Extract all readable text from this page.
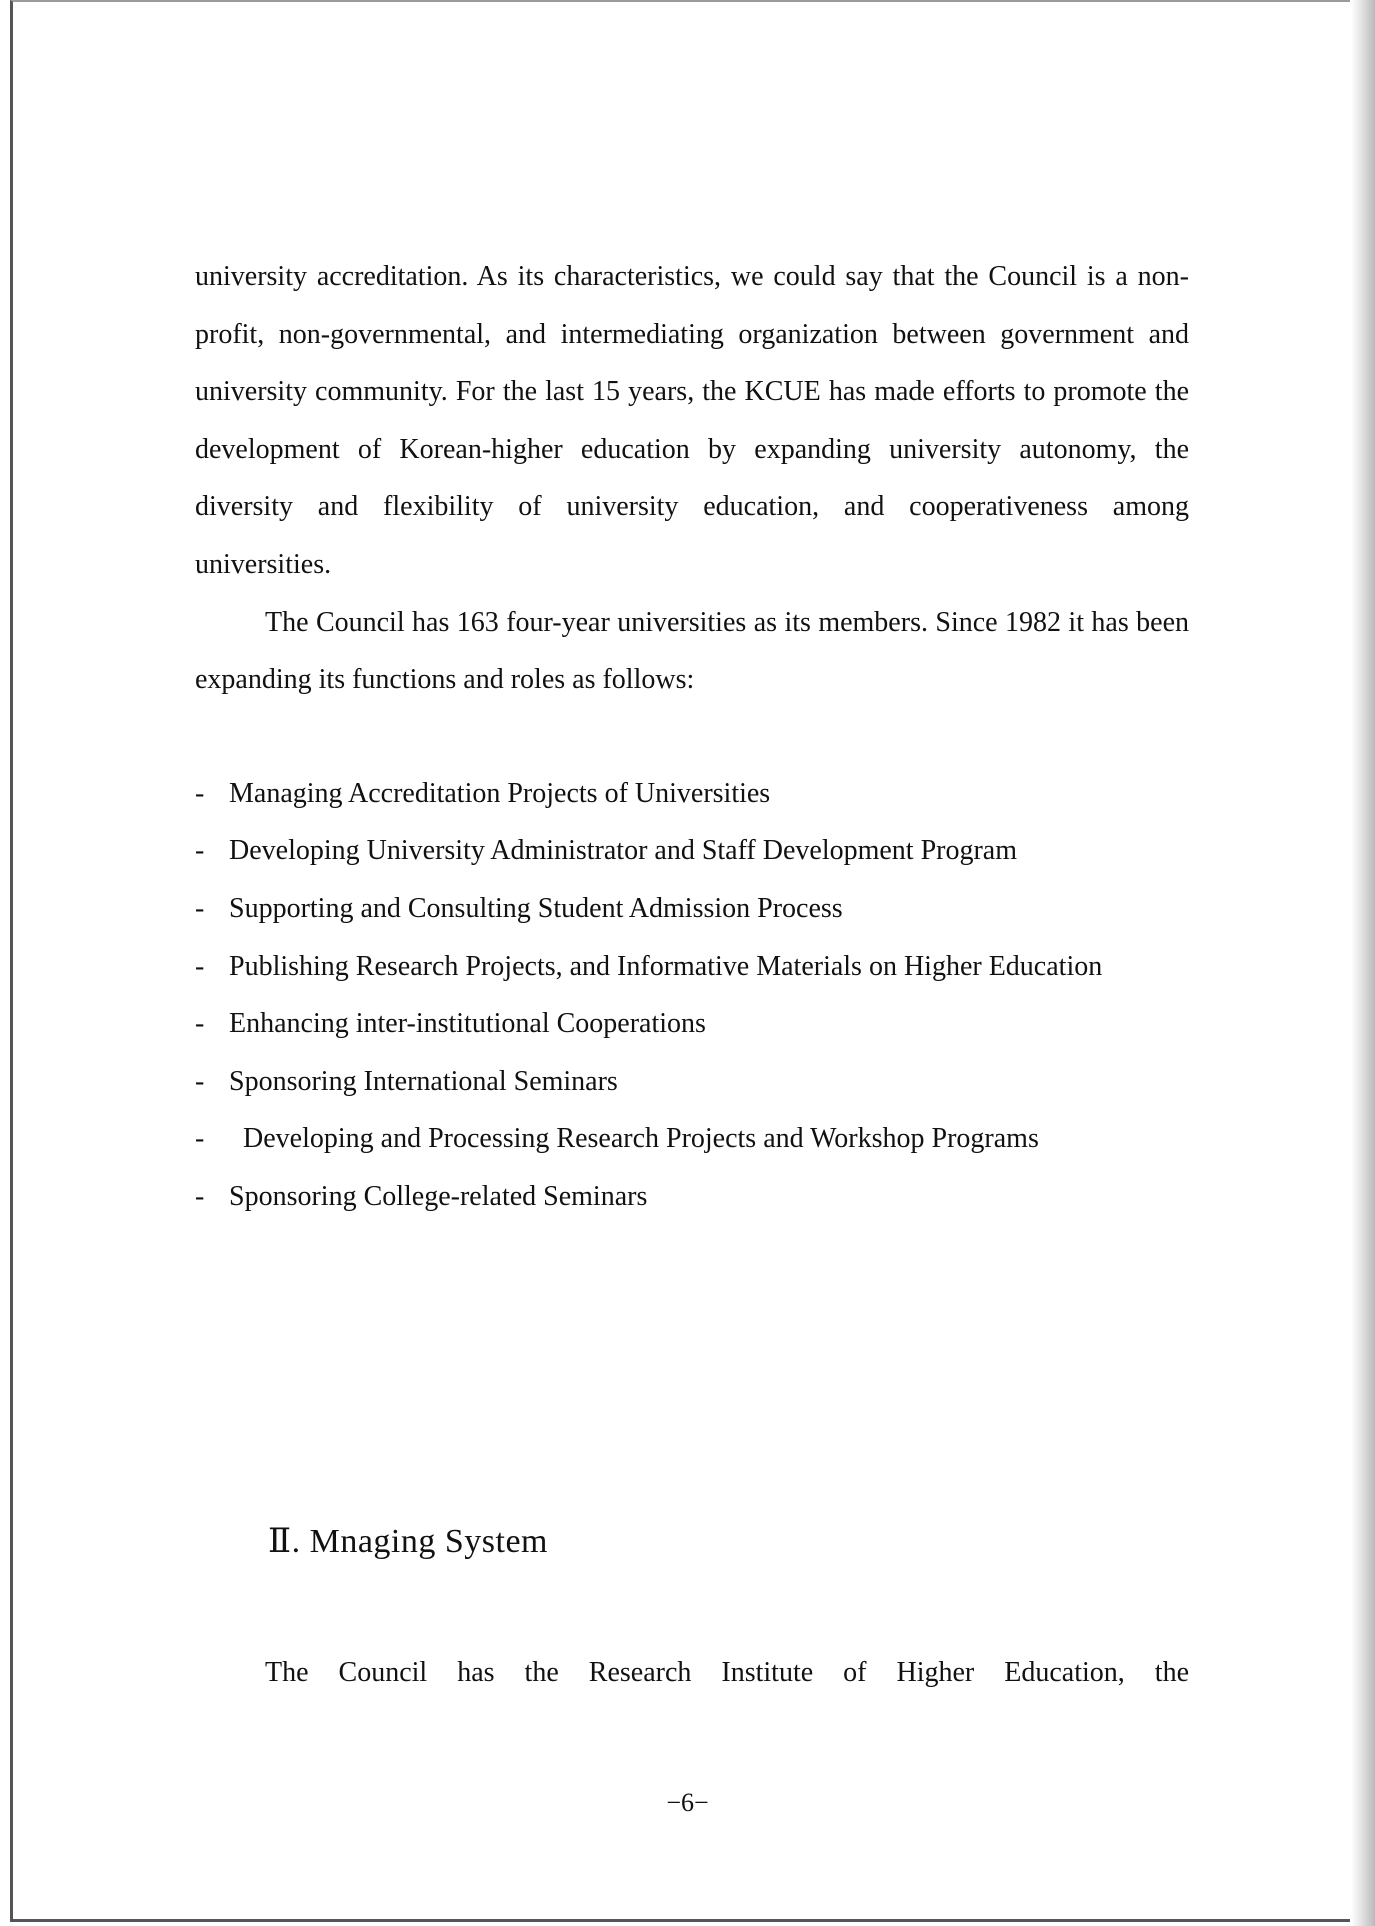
university accreditation. As its characteristics, we could say that the Council is a non-profit, non-governmental, and intermediating organization between government and university community. For the last 15 years, the KCUE has made efforts to promote the development of Korean-higher education by expanding university autonomy, the diversity and flexibility of university education, and cooperativeness among universities.

The Council has 163 four-year universities as its members. Since 1982 it has been expanding its functions and roles as follows:

- Managing Accreditation Projects of Universities
- Developing University Administrator and Staff Development Program
- Supporting and Consulting Student Admission Process
- Publishing Research Projects, and Informative Materials on Higher Education
- Enhancing inter-institutional Cooperations
- Sponsoring International Seminars
- Developing and Processing Research Projects and Workshop Programs
- Sponsoring College-related Seminars
Ⅱ. Mnaging System

The Council has the Research Institute of Higher Education, the

−6−
